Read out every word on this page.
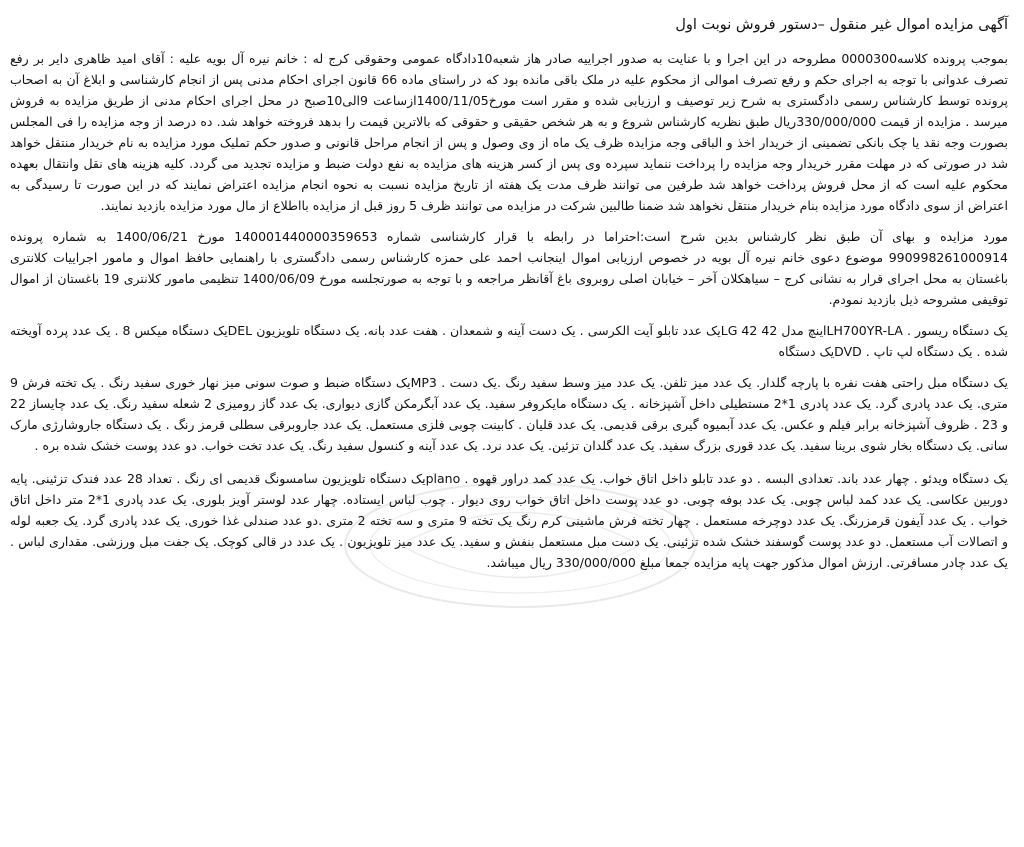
آگهی مزایده اموال غیر منقول –دستور فروش نوبت اول

بموجب پرونده کلاسه0000300 مطروحه در این اجرا و با عنایت به صدور اجراییه صادر هاز شعبه10دادگاه عمومی وحقوقی کرج له : خانم نیره آل بویه علیه : آقای امید ظاهری دایر بر رفع تصرف عدوانی با توجه به اجرای حکم و رفع تصرف اموالی از محکوم علیه در ملک باقی مانده بود که در راستای ماده 66 قانون اجرای احکام مدنی پس از انجام کارشناسی و ابلاغ آن به اصحاب پرونده توسط کارشناس رسمی دادگستری به شرح زیر توصیف و ارزیابی شده و مقرر است مورخ1400/11/05ازساعت 9الی10صبح در محل اجرای احکام مدنی از طریق مزایده به فروش میرسد . مزایده از قیمت 330/000/000ریال طبق نظریه کارشناس شروع و به هر شخص حقیقی و حقوقی که بالاترین قیمت را بدهد فروخته خواهد شد. ده درصد از وجه مزایده را فی المجلس بصورت وجه نقد یا چک بانکی تضمینی از خریدار اخذ و الباقی وجه مزایده ظرف یک ماه از وی وصول و پس از انجام مراحل قانونی و صدور حکم تملیک مورد مزایده به نام خریدار منتقل خواهد شد در صورتی که در مهلت مقرر خریدار وجه مزایده را پرداخت ننماید سپرده وی پس از کسر هزینه های مزایده به نفع دولت ضبط و مزایده تجدید می گردد. کلیه هزینه های نقل وانتقال بعهده محکوم علیه است که از محل فروش پرداخت خواهد شد طرفین می توانند ظرف مدت یک هفته از تاریخ مزایده نسبت به نحوه انجام مزایده اعتراض نمایند که در این صورت تا رسیدگی به اعتراض از سوی دادگاه مورد مزایده بنام خریدار منتقل نخواهد شد ضمنا طالبین شرکت در مزایده می توانند ظرف 5 روز قبل از مزایده بااطلاع از مال مورد مزایده بازدید نمایند.

مورد مزایده و بهای آن طبق نظر کارشناس بدین شرح است:احتراما در رابطه با قرار کارشناسی شماره 140001440000359653 مورخ 1400/06/21 به شماره پرونده 990998261000914 موضوع دعوی خانم نیره آل بویه در خصوص ارزیابی اموال اینجانب احمد علی حمزه کارشناس رسمی دادگستری با راهنمایی حافظ اموال و مامور اجراییات کلانتری باغستان به محل اجرای قرار به نشانی کرج – سیاهکلان آخر – خیابان اصلی روبروی باغ آقانظر مراجعه و با توجه به صورتجلسه مورخ 1400/06/09 تنظیمی مامور کلانتری 19 باغستان از اموال توقیفی مشروحه ذیل بازدید نمودم.

یک دستگاه ریسور . LH700YR-LAاینچ مدل LG 42 42یک عدد تابلو آیت الکرسی . یک دست آینه و شمعدان . هفت عدد بانه. یک دستگاه تلویزیون DELیک دستگاه میکس 8 . یک عدد پرده آویخته شده . یک دستگاه لپ تاپ . DVDیک دستگاه

یک دستگاه مبل راحتی هفت نفره با پارچه گلدار. یک عدد میز تلفن. یک عدد میز وسط سفید رنگ .یک دست . MP3یک دستگاه ضبط و صوت سونی میز نهار خوری سفید رنگ . یک تخته فرش 9 متری. یک عدد پادری گرد. یک عدد پادری 1*2 مستطیلی داخل آشپزخانه . یک دستگاه مایکروفر سفید. یک عدد آبگرمکن گازی دیواری. یک عدد گاز رومیزی 2 شعله سفید رنگ. یک عدد چایساز 22 و 23 . ظروف آشپزخانه برابر فیلم و عکس. یک عدد آبمیوه گیری برقی قدیمی. یک عدد قلیان . کابینت چوبی فلزی مستعمل. یک عدد جاروبرقی سطلی قرمز رنگ . یک دستگاه جاروشارژی مارک سانی. یک دستگاه بخار شوی برینا سفید. یک عدد قوری بزرگ سفید. یک عدد گلدان تزئین. یک عدد نرد. یک عدد آینه و کنسول سفید رنگ. یک عدد تخت خواب. دو عدد پوست خشک شده بره .

یک دستگاه ویدئو . چهار عدد باند. تعدادی البسه . دو عدد تابلو داخل اتاق خواب. یک عدد کمد دراور قهوه . planoیک دستگاه تلویزیون سامسونگ قدیمی ای رنگ . تعداد 28 عدد فندک تزئینی. پایه دوربین عکاسی. یک عدد کمد لباس چوبی. یک عدد بوفه چوبی. دو عدد پوست داخل اتاق خواب روی دیوار . چوب لباس ایستاده. چهار عدد لوستر آویز بلوری. یک عدد پادری 1*2 متر داخل اتاق خواب . یک عدد آیفون قرمزرنگ. یک عدد دوچرخه مستعمل . چهار تخته فرش ماشینی کرم رنگ یک تخته 9 متری و سه تخته 2 متری .دو عدد صندلی غذا خوری. یک عدد پادری گرد. یک جعبه لوله و اتصالات آب مستعمل. دو عدد پوست گوسفند خشک شده تزئینی. یک دست مبل مستعمل بنفش و سفید. یک عدد میز تلویزیون . یک عدد در قالی کوچک. یک جفت مبل ورزشی. مقداری لباس . یک عدد چادر مسافرتی. ارزش اموال مذکور جهت پایه مزایده جمعا مبلغ 330/000/000 ریال میباشد.
